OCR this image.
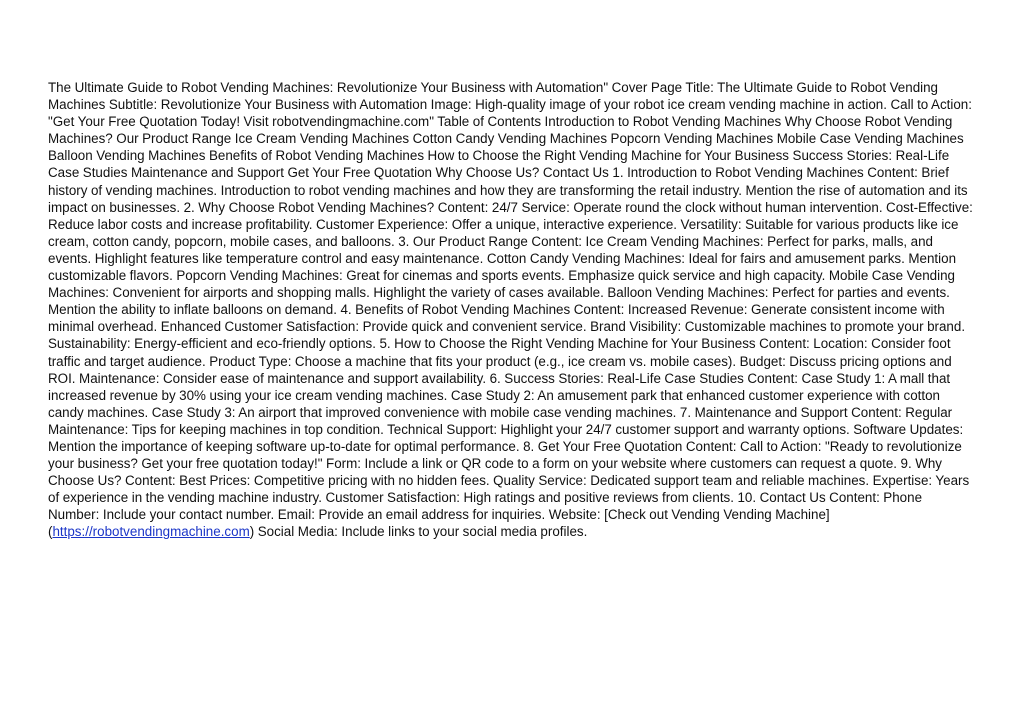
The Ultimate Guide to Robot Vending Machines: Revolutionize Your Business with Automation" Cover Page Title: The Ultimate Guide to Robot Vending Machines Subtitle: Revolutionize Your Business with Automation Image: High-quality image of your robot ice cream vending machine in action. Call to Action: "Get Your Free Quotation Today! Visit robotvendingmachine.com" Table of Contents Introduction to Robot Vending Machines Why Choose Robot Vending Machines? Our Product Range Ice Cream Vending Machines Cotton Candy Vending Machines Popcorn Vending Machines Mobile Case Vending Machines Balloon Vending Machines Benefits of Robot Vending Machines How to Choose the Right Vending Machine for Your Business Success Stories: Real-Life Case Studies Maintenance and Support Get Your Free Quotation Why Choose Us? Contact Us 1. Introduction to Robot Vending Machines Content: Brief history of vending machines. Introduction to robot vending machines and how they are transforming the retail industry. Mention the rise of automation and its impact on businesses. 2. Why Choose Robot Vending Machines? Content: 24/7 Service: Operate round the clock without human intervention. Cost-Effective: Reduce labor costs and increase profitability. Customer Experience: Offer a unique, interactive experience. Versatility: Suitable for various products like ice cream, cotton candy, popcorn, mobile cases, and balloons. 3. Our Product Range Content: Ice Cream Vending Machines: Perfect for parks, malls, and events. Highlight features like temperature control and easy maintenance. Cotton Candy Vending Machines: Ideal for fairs and amusement parks. Mention customizable flavors. Popcorn Vending Machines: Great for cinemas and sports events. Emphasize quick service and high capacity. Mobile Case Vending Machines: Convenient for airports and shopping malls. Highlight the variety of cases available. Balloon Vending Machines: Perfect for parties and events. Mention the ability to inflate balloons on demand. 4. Benefits of Robot Vending Machines Content: Increased Revenue: Generate consistent income with minimal overhead. Enhanced Customer Satisfaction: Provide quick and convenient service. Brand Visibility: Customizable machines to promote your brand. Sustainability: Energy-efficient and eco-friendly options. 5. How to Choose the Right Vending Machine for Your Business Content: Location: Consider foot traffic and target audience. Product Type: Choose a machine that fits your product (e.g., ice cream vs. mobile cases). Budget: Discuss pricing options and ROI. Maintenance: Consider ease of maintenance and support availability. 6. Success Stories: Real-Life Case Studies Content: Case Study 1: A mall that increased revenue by 30% using your ice cream vending machines. Case Study 2: An amusement park that enhanced customer experience with cotton candy machines. Case Study 3: An airport that improved convenience with mobile case vending machines. 7. Maintenance and Support Content: Regular Maintenance: Tips for keeping machines in top condition. Technical Support: Highlight your 24/7 customer support and warranty options. Software Updates: Mention the importance of keeping software up-to-date for optimal performance. 8. Get Your Free Quotation Content: Call to Action: "Ready to revolutionize your business? Get your free quotation today!" Form: Include a link or QR code to a form on your website where customers can request a quote. 9. Why Choose Us? Content: Best Prices: Competitive pricing with no hidden fees. Quality Service: Dedicated support team and reliable machines. Expertise: Years of experience in the vending machine industry. Customer Satisfaction: High ratings and positive reviews from clients. 10. Contact Us Content: Phone Number: Include your contact number. Email: Provide an email address for inquiries. Website: [Check out Vending Vending Machine](https://robotvendingmachine.com) Social Media: Include links to your social media profiles.
